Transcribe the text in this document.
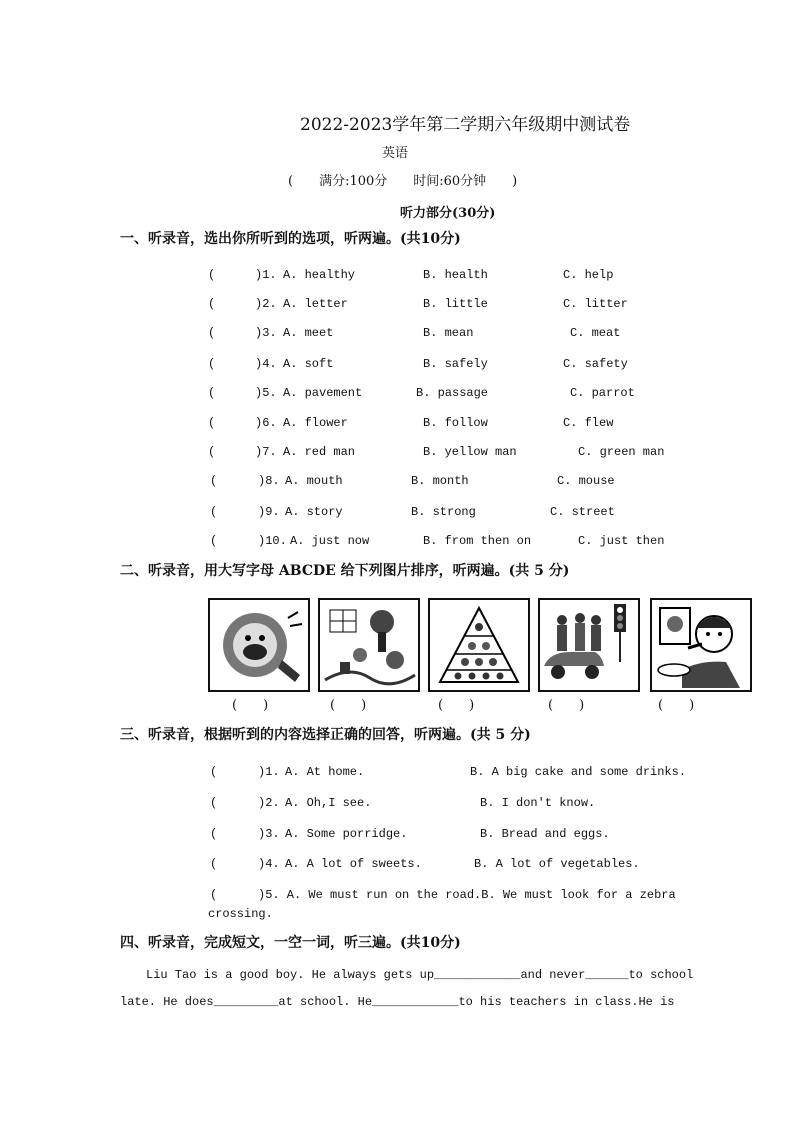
2022-2023学年第二学期六年级期中测试卷
英语
(　　满分:100分　　时间:60分钟　　)
听力部分(30分)
一、听录音，选出你所听到的选项，听两遍。(共10分)
(	)1. A. healthy	B. health	C. help
(	)2. A. letter	B. little	C. litter
(	)3. A. meet	B. mean	C. meat
(	)4. A. soft	B. safely	C. safety
(	)5. A. pavement	B. passage	C. parrot
(	)6. A. flower	B. follow	C. flew
(	)7. A. red man	B. yellow man	C. green man
(	)8. A. mouth	B. month	C. mouse
(	)9. A. story	B. strong	C. street
(	)10. A. just now	B. from then on	C. just then
二、听录音，用大写字母 ABCDE 给下列图片排序，听两遍。(共 5 分)
(　　)	(　　)	(　　)	(　　)	(　　)
三、听录音，根据听到的内容选择正确的回答，听两遍。(共 5 分)
(	)1. A. At home.	B. A big cake and some drinks.
(	)2. A. Oh,I see.	B. I don't know.
(	)3. A. Some porridge.	B. Bread and eggs.
(	)4. A. A lot of sweets.	B. A lot of vegetables.
(	)5. A. We must run on the road.B. We must look for a zebra
crossing.
四、听录音，完成短文，一空一词，听三遍。(共10分)
Liu Tao is a good boy. He always gets up____________and never______to school
late. He does_________at school. He____________to his teachers in class.He is
